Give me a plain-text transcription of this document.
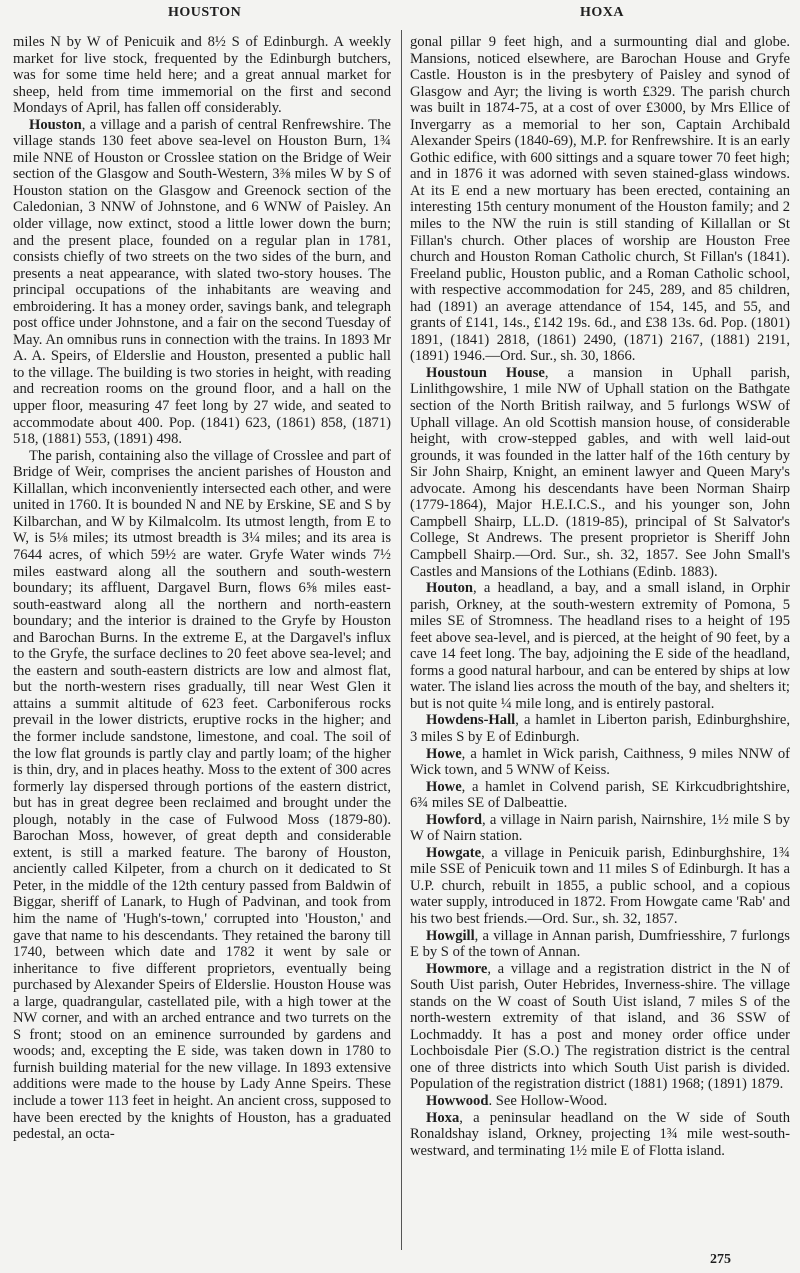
HOUSTON	HOXA

miles N by W of Penicuik and 8½ S of Edinburgh. A weekly market for live stock, frequented by the Edinburgh butchers, was for some time held here; and a great annual market for sheep, held from time immemorial on the first and second Mondays of April, has fallen off considerably.

Houston, a village and a parish of central Renfrewshire. The village stands 130 feet above sea-level on Houston Burn, 1¾ mile NNE of Houston or Crosslee station on the Bridge of Weir section of the Glasgow and South-Western, 3⅜ miles W by S of Houston station on the Glasgow and Greenock section of the Caledonian, 3 NNW of Johnstone, and 6 WNW of Paisley. An older village, now extinct, stood a little lower down the burn; and the present place, founded on a regular plan in 1781, consists chiefly of two streets on the two sides of the burn, and presents a neat appearance, with slated two-story houses. The principal occupations of the inhabitants are weaving and embroidering. It has a money order, savings bank, and telegraph post office under Johnstone, and a fair on the second Tuesday of May. An omnibus runs in connection with the trains. In 1893 Mr A. A. Speirs, of Elderslie and Houston, presented a public hall to the village. The building is two stories in height, with reading and recreation rooms on the ground floor, and a hall on the upper floor, measuring 47 feet long by 27 wide, and seated to accommodate about 400. Pop. (1841) 623, (1861) 858, (1871) 518, (1881) 553, (1891) 498.

The parish, containing also the village of Crosslee and part of Bridge of Weir, comprises the ancient parishes of Houston and Killallan, which inconveniently intersected each other, and were united in 1760. It is bounded N and NE by Erskine, SE and S by Kilbarchan, and W by Kilmalcolm. Its utmost length, from E to W, is 5⅛ miles; its utmost breadth is 3¼ miles; and its area is 7644 acres, of which 59½ are water. Gryfe Water winds 7½ miles eastward along all the southern and south-western boundary; its affluent, Dargavel Burn, flows 6⅝ miles east-south-eastward along all the northern and north-eastern boundary; and the interior is drained to the Gryfe by Houston and Barochan Burns. In the extreme E, at the Dargavel's influx to the Gryfe, the surface declines to 20 feet above sea-level; and the eastern and south-eastern districts are low and almost flat, but the north-western rises gradually, till near West Glen it attains a summit altitude of 623 feet. Carboniferous rocks prevail in the lower districts, eruptive rocks in the higher; and the former include sandstone, limestone, and coal. The soil of the low flat grounds is partly clay and partly loam; of the higher is thin, dry, and in places heathy. Moss to the extent of 300 acres formerly lay dispersed through portions of the eastern district, but has in great degree been reclaimed and brought under the plough, notably in the case of Fulwood Moss (1879-80). Barochan Moss, however, of great depth and considerable extent, is still a marked feature. The barony of Houston, anciently called Kilpeter, from a church on it dedicated to St Peter, in the middle of the 12th century passed from Baldwin of Biggar, sheriff of Lanark, to Hugh of Padvinan, and took from him the name of 'Hugh's-town,' corrupted into 'Houston,' and gave that name to his descendants. They retained the barony till 1740, between which date and 1782 it went by sale or inheritance to five different proprietors, eventually being purchased by Alexander Speirs of Elderslie. Houston House was a large, quadrangular, castellated pile, with a high tower at the NW corner, and with an arched entrance and two turrets on the S front; stood on an eminence surrounded by gardens and woods; and, excepting the E side, was taken down in 1780 to furnish building material for the new village. In 1893 extensive additions were made to the house by Lady Anne Speirs. These include a tower 113 feet in height. An ancient cross, supposed to have been erected by the knights of Houston, has a graduated pedestal, an octa-

gonal pillar 9 feet high, and a surmounting dial and globe. Mansions, noticed elsewhere, are Barochan House and Gryfe Castle. Houston is in the presbytery of Paisley and synod of Glasgow and Ayr; the living is worth £329. The parish church was built in 1874-75, at a cost of over £3000, by Mrs Ellice of Invergarry as a memorial to her son, Captain Archibald Alexander Speirs (1840-69), M.P. for Renfrewshire. It is an early Gothic edifice, with 600 sittings and a square tower 70 feet high; and in 1876 it was adorned with seven stained-glass windows. At its E end a new mortuary has been erected, containing an interesting 15th century monument of the Houston family; and 2 miles to the NW the ruin is still standing of Killallan or St Fillan's church. Other places of worship are Houston Free church and Houston Roman Catholic church, St Fillan's (1841). Freeland public, Houston public, and a Roman Catholic school, with respective accommodation for 245, 289, and 85 children, had (1891) an average attendance of 154, 145, and 55, and grants of £141, 14s., £142 19s. 6d., and £38 13s. 6d. Pop. (1801) 1891, (1841) 2818, (1861) 2490, (1871) 2167, (1881) 2191, (1891) 1946.—Ord. Sur., sh. 30, 1866.

Houstoun House, a mansion in Uphall parish, Linlithgowshire, 1 mile NW of Uphall station on the Bathgate section of the North British railway, and 5 furlongs WSW of Uphall village. An old Scottish mansion house, of considerable height, with crow-stepped gables, and with well laid-out grounds, it was founded in the latter half of the 16th century by Sir John Shairp, Knight, an eminent lawyer and Queen Mary's advocate. Among his descendants have been Norman Shairp (1779-1864), Major H.E.I.C.S., and his younger son, John Campbell Shairp, LL.D. (1819-85), principal of St Salvator's College, St Andrews. The present proprietor is Sheriff John Campbell Shairp.—Ord. Sur., sh. 32, 1857. See John Small's Castles and Mansions of the Lothians (Edinb. 1883).

Houton, a headland, a bay, and a small island, in Orphir parish, Orkney, at the south-western extremity of Pomona, 5 miles SE of Stromness. The headland rises to a height of 195 feet above sea-level, and is pierced, at the height of 90 feet, by a cave 14 feet long. The bay, adjoining the E side of the headland, forms a good natural harbour, and can be entered by ships at low water. The island lies across the mouth of the bay, and shelters it; but is not quite ¼ mile long, and is entirely pastoral.

Howdens-Hall, a hamlet in Liberton parish, Edinburghshire, 3 miles S by E of Edinburgh.

Howe, a hamlet in Wick parish, Caithness, 9 miles NNW of Wick town, and 5 WNW of Keiss.

Howe, a hamlet in Colvend parish, SE Kirkcudbrightshire, 6¾ miles SE of Dalbeattie.

Howford, a village in Nairn parish, Nairnshire, 1½ mile S by W of Nairn station.

Howgate, a village in Penicuik parish, Edinburghshire, 1¾ mile SSE of Penicuik town and 11 miles S of Edinburgh. It has a U.P. church, rebuilt in 1855, a public school, and a copious water supply, introduced in 1872. From Howgate came 'Rab' and his two best friends.—Ord. Sur., sh. 32, 1857.

Howgill, a village in Annan parish, Dumfriesshire, 7 furlongs E by S of the town of Annan.

Howmore, a village and a registration district in the N of South Uist parish, Outer Hebrides, Inverness-shire. The village stands on the W coast of South Uist island, 7 miles S of the north-western extremity of that island, and 36 SSW of Lochmaddy. It has a post and money order office under Lochboisdale Pier (S.O.) The registration district is the central one of three districts into which South Uist parish is divided. Population of the registration district (1881) 1968; (1891) 1879.

Howwood. See Hollow-Wood.

Hoxa, a peninsular headland on the W side of South Ronaldshay island, Orkney, projecting 1¾ mile west-south-westward, and terminating 1½ mile E of Flotta island.

275
